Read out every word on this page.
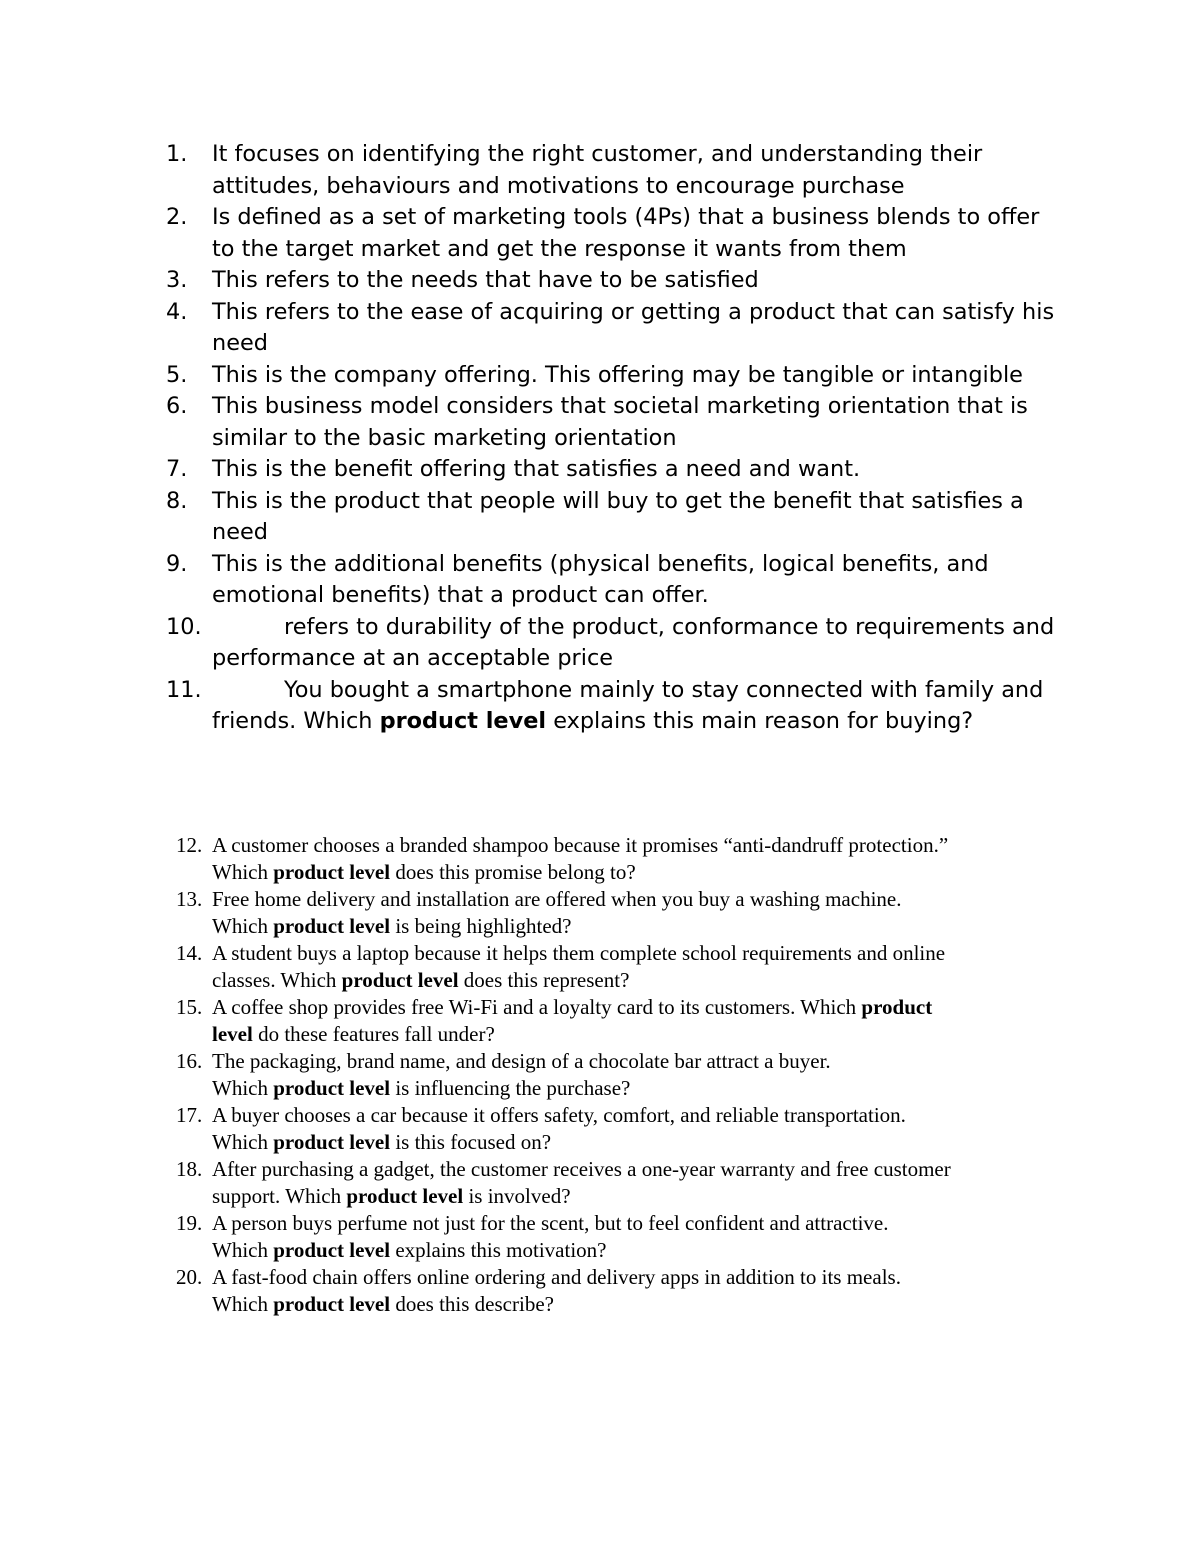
1. It focuses on identifying the right customer, and understanding their attitudes, behaviours and motivations to encourage purchase
2. Is defined as a set of marketing tools (4Ps) that a business blends to offer to the target market and get the response it wants from them
3. This refers to the needs that have to be satisfied
4. This refers to the ease of acquiring or getting a product that can satisfy his need
5. This is the company offering. This offering may be tangible or intangible
6. This business model considers that societal marketing orientation that is similar to the basic marketing orientation
7. This is the benefit offering that satisfies a need and want.
8. This is the product that people will buy to get the benefit that satisfies a need
9. This is the additional benefits (physical benefits, logical benefits, and emotional benefits) that a product can offer.
10.	refers to durability of the product, conformance to requirements and performance at an acceptable price
11.	You bought a smartphone mainly to stay connected with family and friends. Which product level explains this main reason for buying?
12. A customer chooses a branded shampoo because it promises “anti-dandruff protection.”
Which product level does this promise belong to?
13. Free home delivery and installation are offered when you buy a washing machine.
Which product level is being highlighted?
14. A student buys a laptop because it helps them complete school requirements and online
classes. Which product level does this represent?
15. A coffee shop provides free Wi-Fi and a loyalty card to its customers. Which product
level do these features fall under?
16. The packaging, brand name, and design of a chocolate bar attract a buyer.
Which product level is influencing the purchase?
17. A buyer chooses a car because it offers safety, comfort, and reliable transportation.
Which product level is this focused on?
18. After purchasing a gadget, the customer receives a one-year warranty and free customer
support. Which product level is involved?
19. A person buys perfume not just for the scent, but to feel confident and attractive.
Which product level explains this motivation?
20. A fast-food chain offers online ordering and delivery apps in addition to its meals.
Which product level does this describe?
